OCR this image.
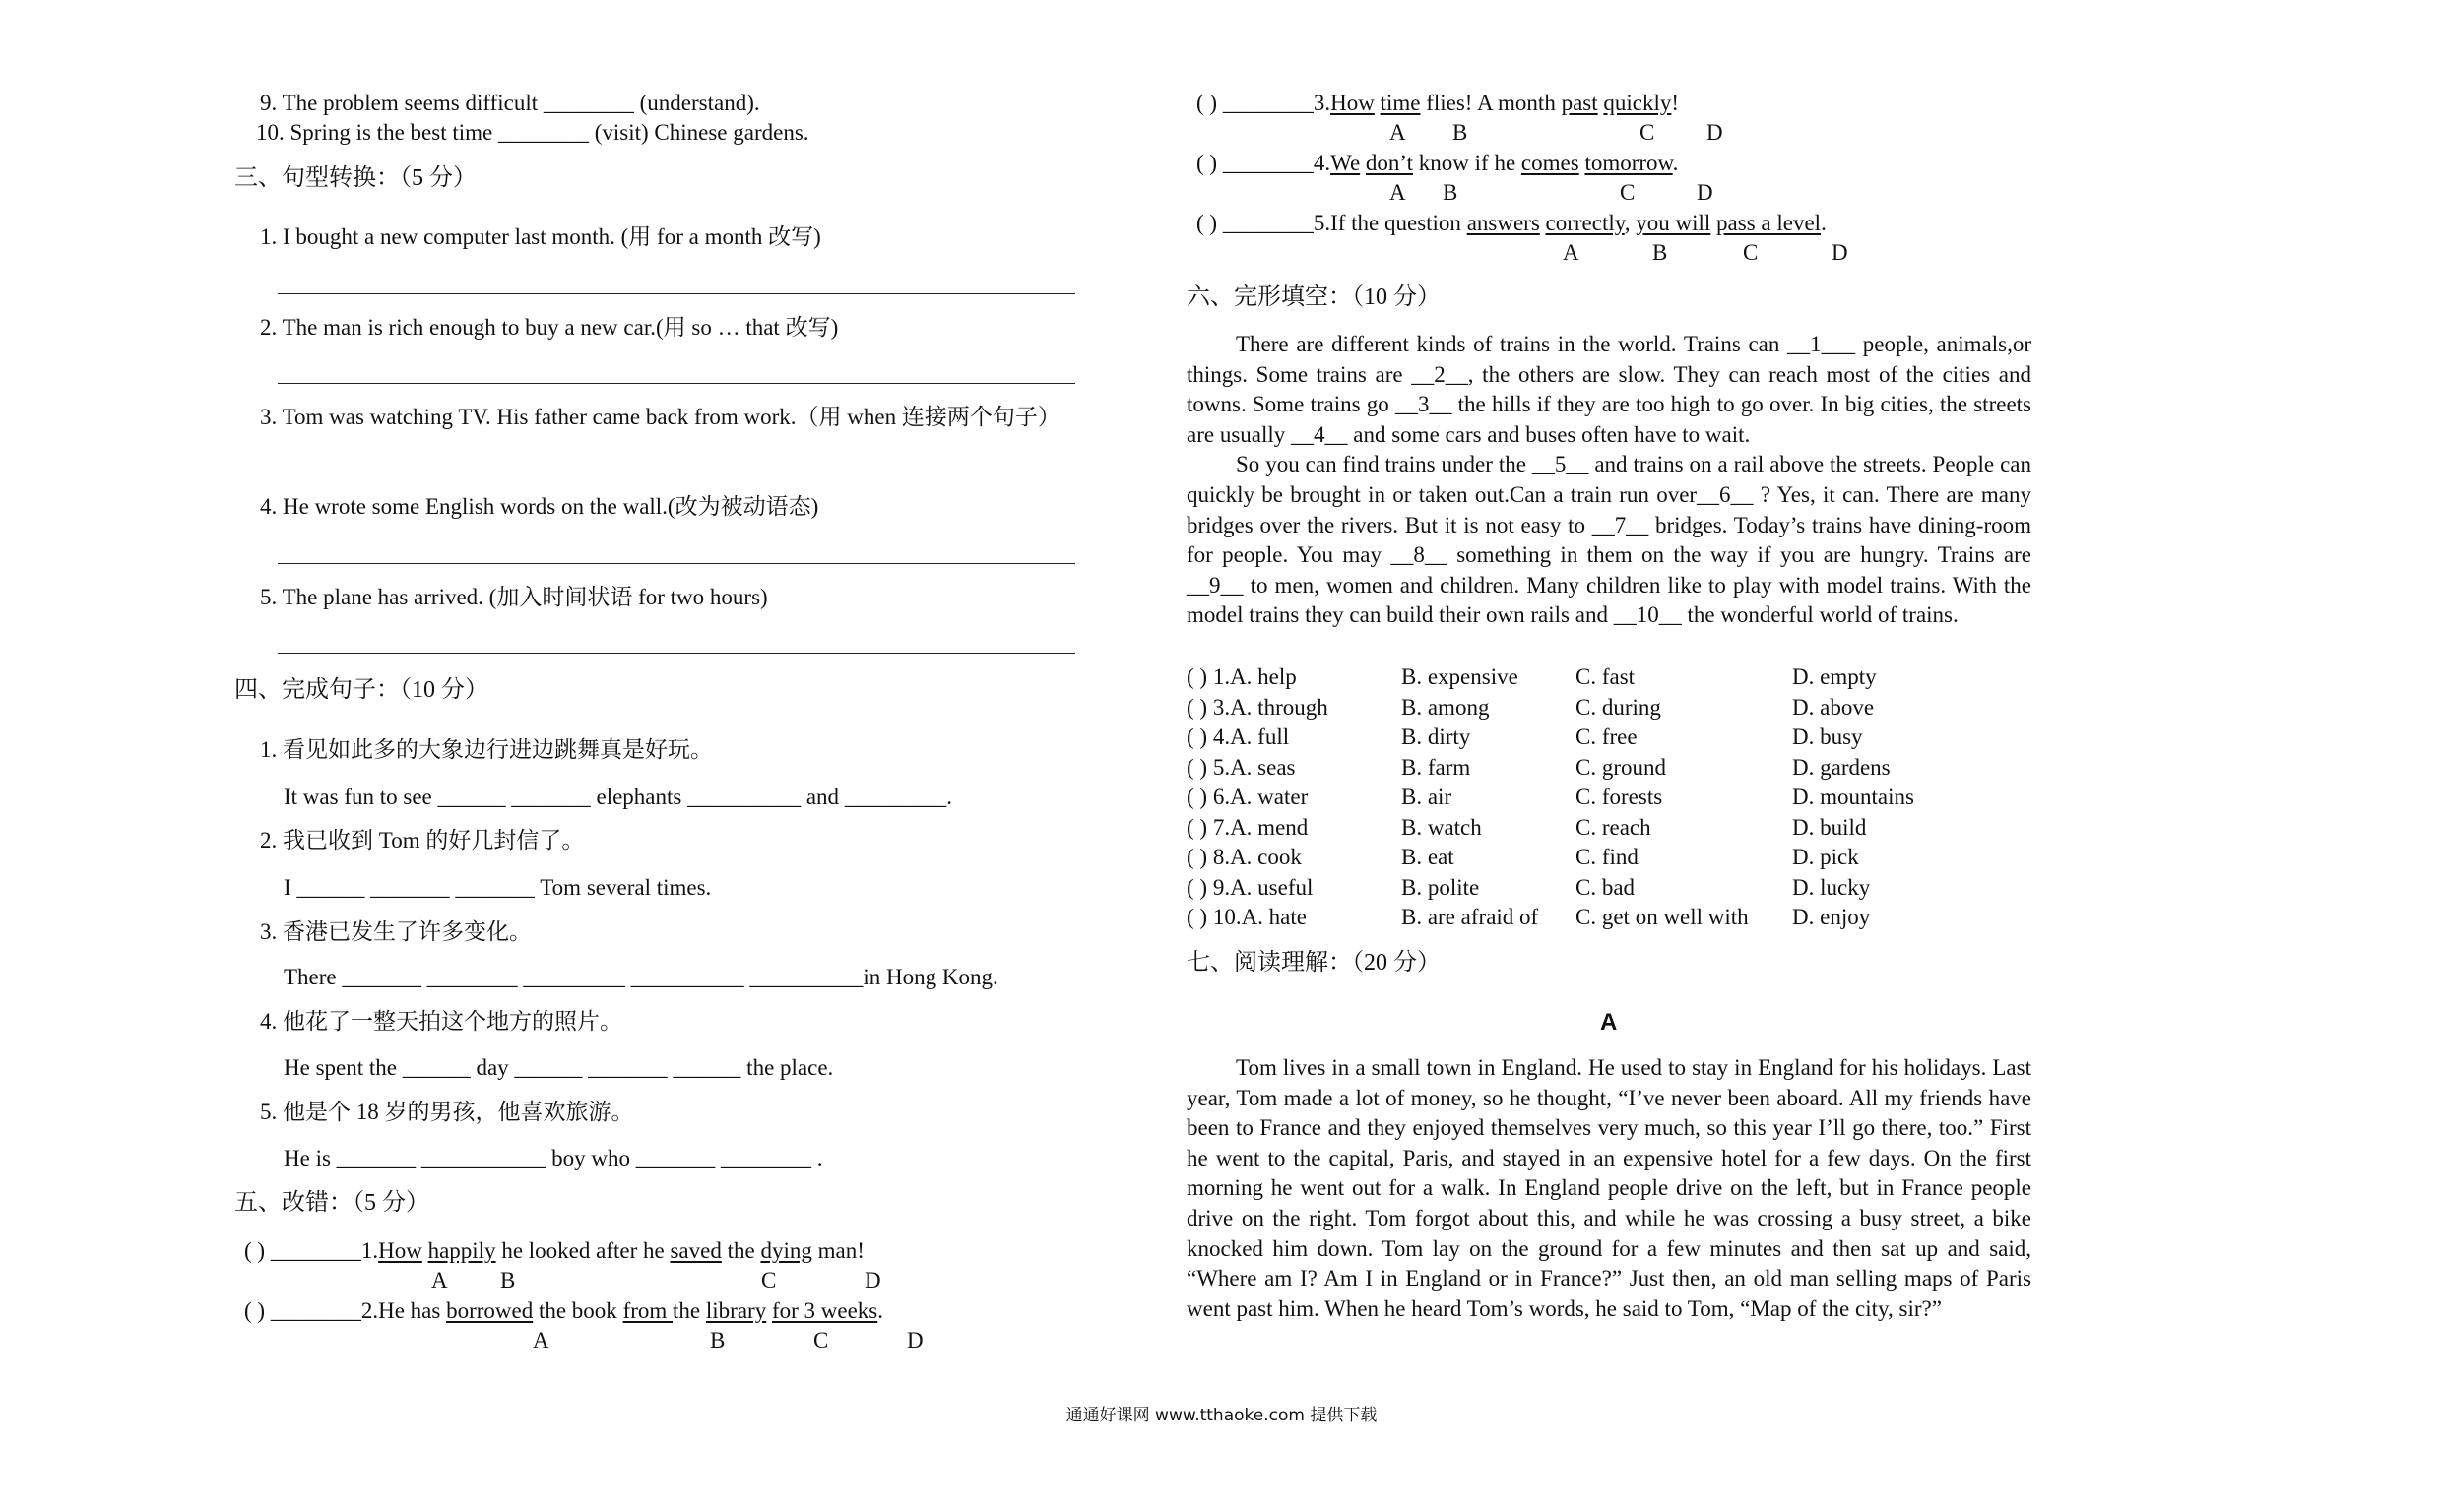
9. The problem seems difficult ________ (understand).
10. Spring is the best time ________ (visit) Chinese gardens.
三、句型转换：（5 分）
1. I bought a new computer last month. (用 for a month 改写)
2. The man is rich enough to buy a new car.(用 so … that 改写)
3. Tom was watching TV. His father came back from work.（用 when 连接两个句子）
4. He wrote some English words on the wall.(改为被动语态)
5. The plane has arrived. (加入时间状语 for two hours)
四、完成句子：（10 分）
1. 看见如此多的大象边行进边跳舞真是好玩。
It was fun to see ______ _______ elephants __________ and _________.
2. 我已收到 Tom 的好几封信了。
I ______ _______ _______ Tom several times.
3. 香港已发生了许多变化。
There _______ ________ _________ __________ __________in Hong Kong.
4. 他花了一整天拍这个地方的照片。
He spent the ______ day ______ _______ ______ the place.
5. 他是个 18 岁的男孩，他喜欢旅游。
He is _______ ___________ boy who _______ ________ .
五、改错：（5 分）
( ) ________1.How happily he looked after he saved the dying man!
A B	C	D
( ) ________2.He has borrowed the book from the library for 3 weeks.
A	B	C	D
( ) ________3.How time flies! A month past quickly!
A B	C D
( ) ________4.We don’t know if he comes tomorrow.
A B	C	D
( ) ________5.If the question answers correctly, you will pass a level.
A	B	C	D
六、完形填空：（10 分）

There are different kinds of trains in the world. Trains can __1___ people, animals,or things. Some trains are __2__, the others are slow. They can reach most of the cities and towns. Some trains go __3__ the hills if they are too high to go over. In big cities, the streets are usually __4__ and some cars and buses often have to wait.

So you can find trains under the __5__ and trains on a rail above the streets. People can quickly be brought in or taken out.Can a train run over__6__ ? Yes, it can. There are many bridges over the rivers. But it is not easy to __7__ bridges. Today’s trains have dining-room for people. You may __8__ something in them on the way if you are hungry. Trains are __9__ to men, women and children. Many children like to play with model trains. With the model trains they can build their own rails and __10__ the wonderful world of trains.

( ) 1.A. help	B. expensive	C. fast	D. empty
( ) 3.A. through	B. among	C. during	D. above
( ) 4.A. full	B. dirty	C. free	D. busy
( ) 5.A. seas	B. farm	C. ground	D. gardens
( ) 6.A. water	B. air	C. forests	D. mountains
( ) 7.A. mend	B. watch	C. reach	D. build
( ) 8.A. cook	B. eat	C. find	D. pick
( ) 9.A. useful	B. polite	C. bad	D. lucky
( ) 10.A. hate	B. are afraid of C. get on well with D. enjoy
七、阅读理解：（20 分）
A

Tom lives in a small town in England. He used to stay in England for his holidays. Last year, Tom made a lot of money, so he thought, “I’ve never been aboard. All my friends have been to France and they enjoyed themselves very much, so this year I’ll go there, too.” First he went to the capital, Paris, and stayed in an expensive hotel for a few days. On the first morning he went out for a walk. In England people drive on the left, but in France people drive on the right. Tom forgot about this, and while he was crossing a busy street, a bike knocked him down. Tom lay on the ground for a few minutes and then sat up and said, “Where am I? Am I in England or in France?” Just then, an old man selling maps of Paris went past him. When he heard Tom’s words, he said to Tom, “Map of the city, sir?”

通通好课网 www.tthaoke.com 提供下载
